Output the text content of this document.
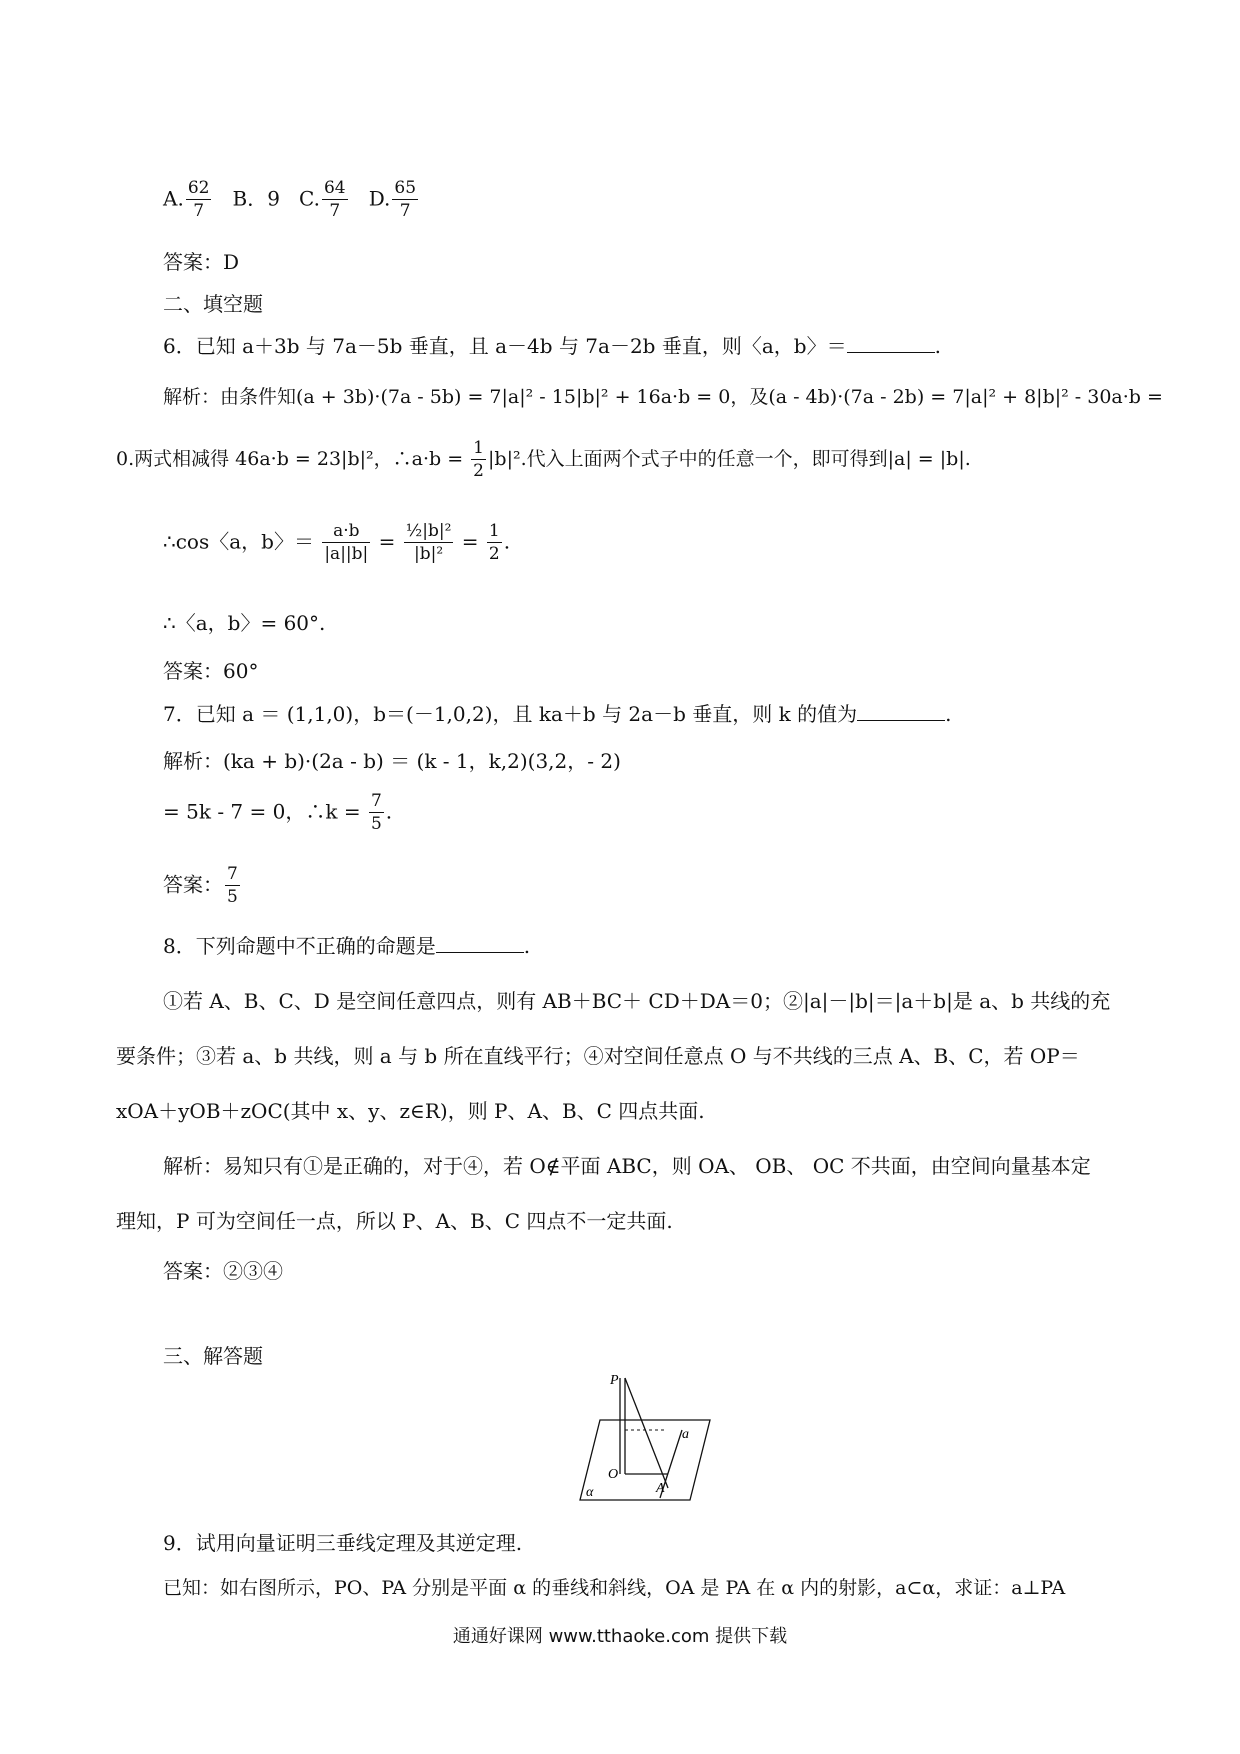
A. $\frac{62}{7}$ B．9 C. $\frac{64}{7} D$. $\frac{65}{7}$
答案：D
二、填空题
6．已知 a＋3b 与 7a－5b 垂直，且 a－4b 与 7a－2b 垂直，则〈a，b〉＝	.
解析：由条件知(a + 3b)·(7a - 5b) = 7|a|² - 15|b|² + 16a·b = 0，及(a - 4b)·(7a - 2b) = 7|a|² + 8|b|² - 30a·b =
0.两式相减得 46a·b = 23|b|²，∴a·b = $\frac{1}{2} |b|^2$.代入上面两个式子中的任意一个，即可得到|a| = |b|.
∴cos〈a，b〉＝ $\frac{a\cdot b}{|a||b|} = \frac{\text{½|b|²}}{\text{|b|²}} = \frac{1}{2}$ .
∴〈a，b〉= 60°.
答案：60°
7．已知 a ＝ (1,1,0)，b＝(－1,0,2)，且 ka＋b 与 2a－b 垂直，则 k 的值为	.
解析：(ka + b)·(2a - b) ＝ (k - 1，k,2)(3,2，- 2)
= 5k - 7 = 0，∴k = $\frac{7}{5}$ .
答案： $\frac{7}{5}$
8．下列命题中不正确的命题是	.
①若 A、B、C、D 是空间任意四点，则有 AB＋BC＋ CD＋DA＝0；②|a|－|b|＝|a＋b|是 a、b 共线的充
要条件；③若 a、b 共线，则 a 与 b 所在直线平行；④对空间任意点 O 与不共线的三点 A、B、C，若 OP＝
xOA＋yOB＋zOC(其中 x、y、z∈R)，则 P、A、B、C 四点共面.
解析：易知只有①是正确的，对于④，若 O∉平面 ABC，则 OA、 OB、 OC 不共面，由空间向量基本定
理知，P 可为空间任一点，所以 P、A、B、C 四点不一定共面.
答案：②③④
三、解答题
P
O
A
a
α
9．试用向量证明三垂线定理及其逆定理.
已知：如右图所示，PO、PA 分别是平面 α 的垂线和斜线，OA 是 PA 在 α 内的射影，a⊂α，求证：a⊥PA
通通好课网 www.tthaoke.com 提供下载
